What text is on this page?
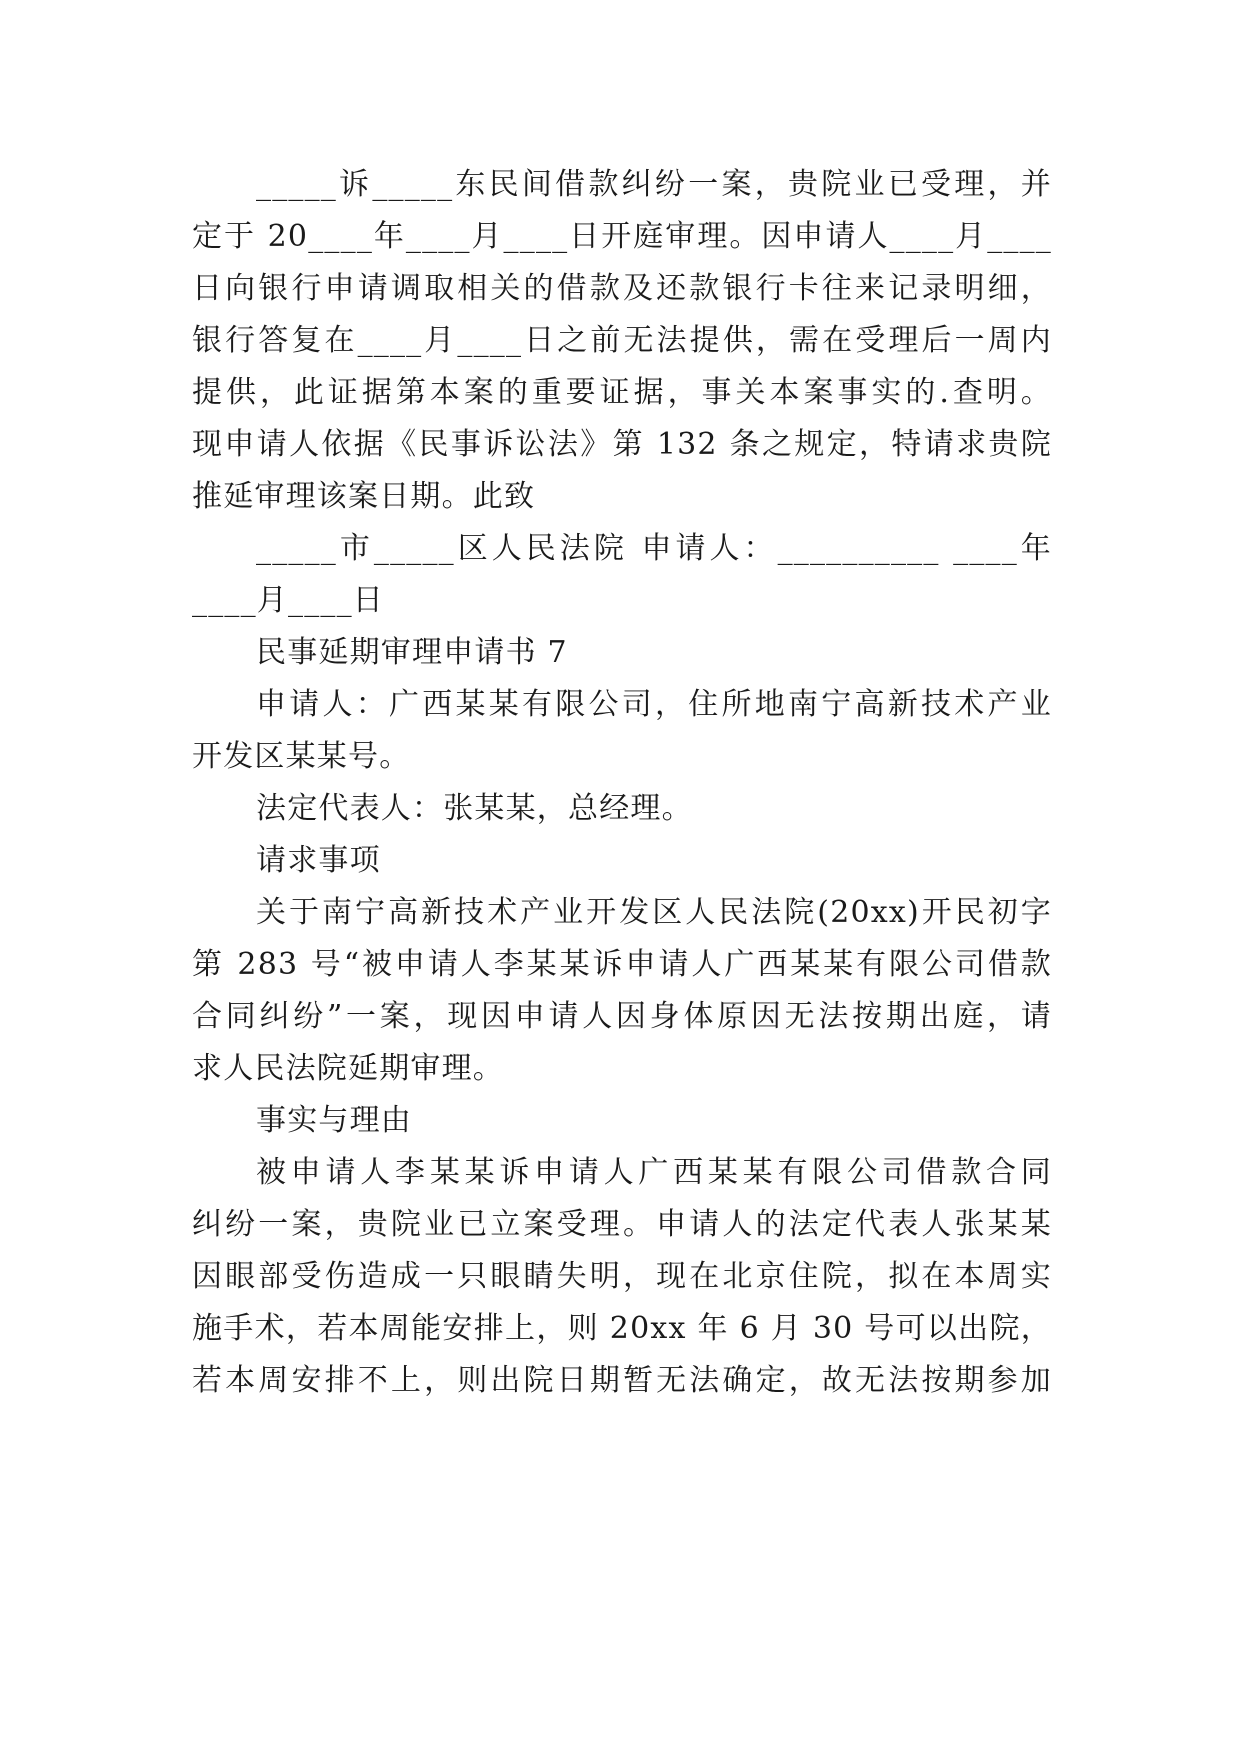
_____诉_____东民间借款纠纷一案，贵院业已受理，并
定于 20____年____月____日开庭审理。因申请人____月____
日向银行申请调取相关的借款及还款银行卡往来记录明细，
银行答复在____月____日之前无法提供，需在受理后一周内
提供，此证据第本案的重要证据，事关本案事实的.查明。
现申请人依据《民事诉讼法》第 132 条之规定，特请求贵院
推延审理该案日期。此致
_____市_____区人民法院 申请人：__________ ____年
____月____日
民事延期审理申请书 7
申请人：广西某某有限公司，住所地南宁高新技术产业
开发区某某号。
法定代表人：张某某，总经理。
请求事项
关于南宁高新技术产业开发区人民法院(20xx)开民初字
第 283 号“被申请人李某某诉申请人广西某某有限公司借款
合同纠纷”一案，现因申请人因身体原因无法按期出庭，请
求人民法院延期审理。
事实与理由
被申请人李某某诉申请人广西某某有限公司借款合同
纠纷一案，贵院业已立案受理。申请人的法定代表人张某某
因眼部受伤造成一只眼睛失明，现在北京住院，拟在本周实
施手术，若本周能安排上，则 20xx 年 6 月 30 号可以出院，
若本周安排不上，则出院日期暂无法确定，故无法按期参加
